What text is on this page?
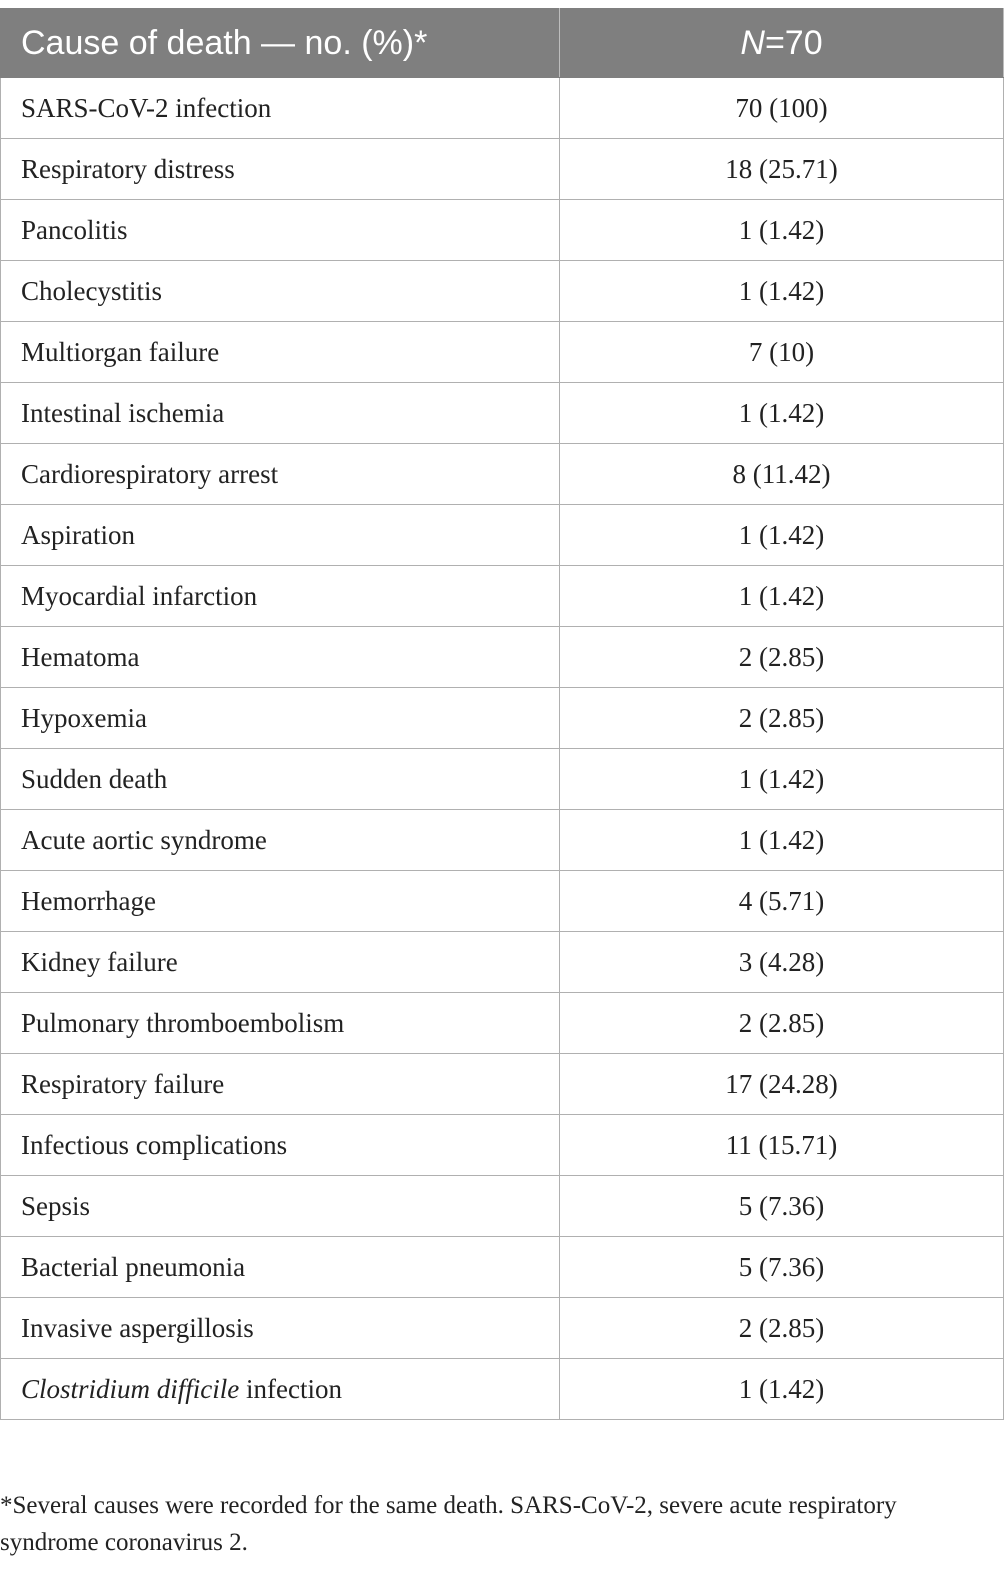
Cause of death — no. (%)*	N=70
SARS-CoV-2 infection	70 (100)
Respiratory distress	18 (25.71)
Pancolitis	1 (1.42)
Cholecystitis	1 (1.42)
Multiorgan failure	7 (10)
Intestinal ischemia	1 (1.42)
Cardiorespiratory arrest	8 (11.42)
Aspiration	1 (1.42)
Myocardial infarction	1 (1.42)
Hematoma	2 (2.85)
Hypoxemia	2 (2.85)
Sudden death	1 (1.42)
Acute aortic syndrome	1 (1.42)
Hemorrhage	4 (5.71)
Kidney failure	3 (4.28)
Pulmonary thromboembolism	2 (2.85)
Respiratory failure	17 (24.28)
Infectious complications	11 (15.71)
Sepsis	5 (7.36)
Bacterial pneumonia	5 (7.36)
Invasive aspergillosis	2 (2.85)
Clostridium difficile infection	1 (1.42)
*Several causes were recorded for the same death. SARS-CoV-2, severe acute respiratory syndrome coronavirus 2.
